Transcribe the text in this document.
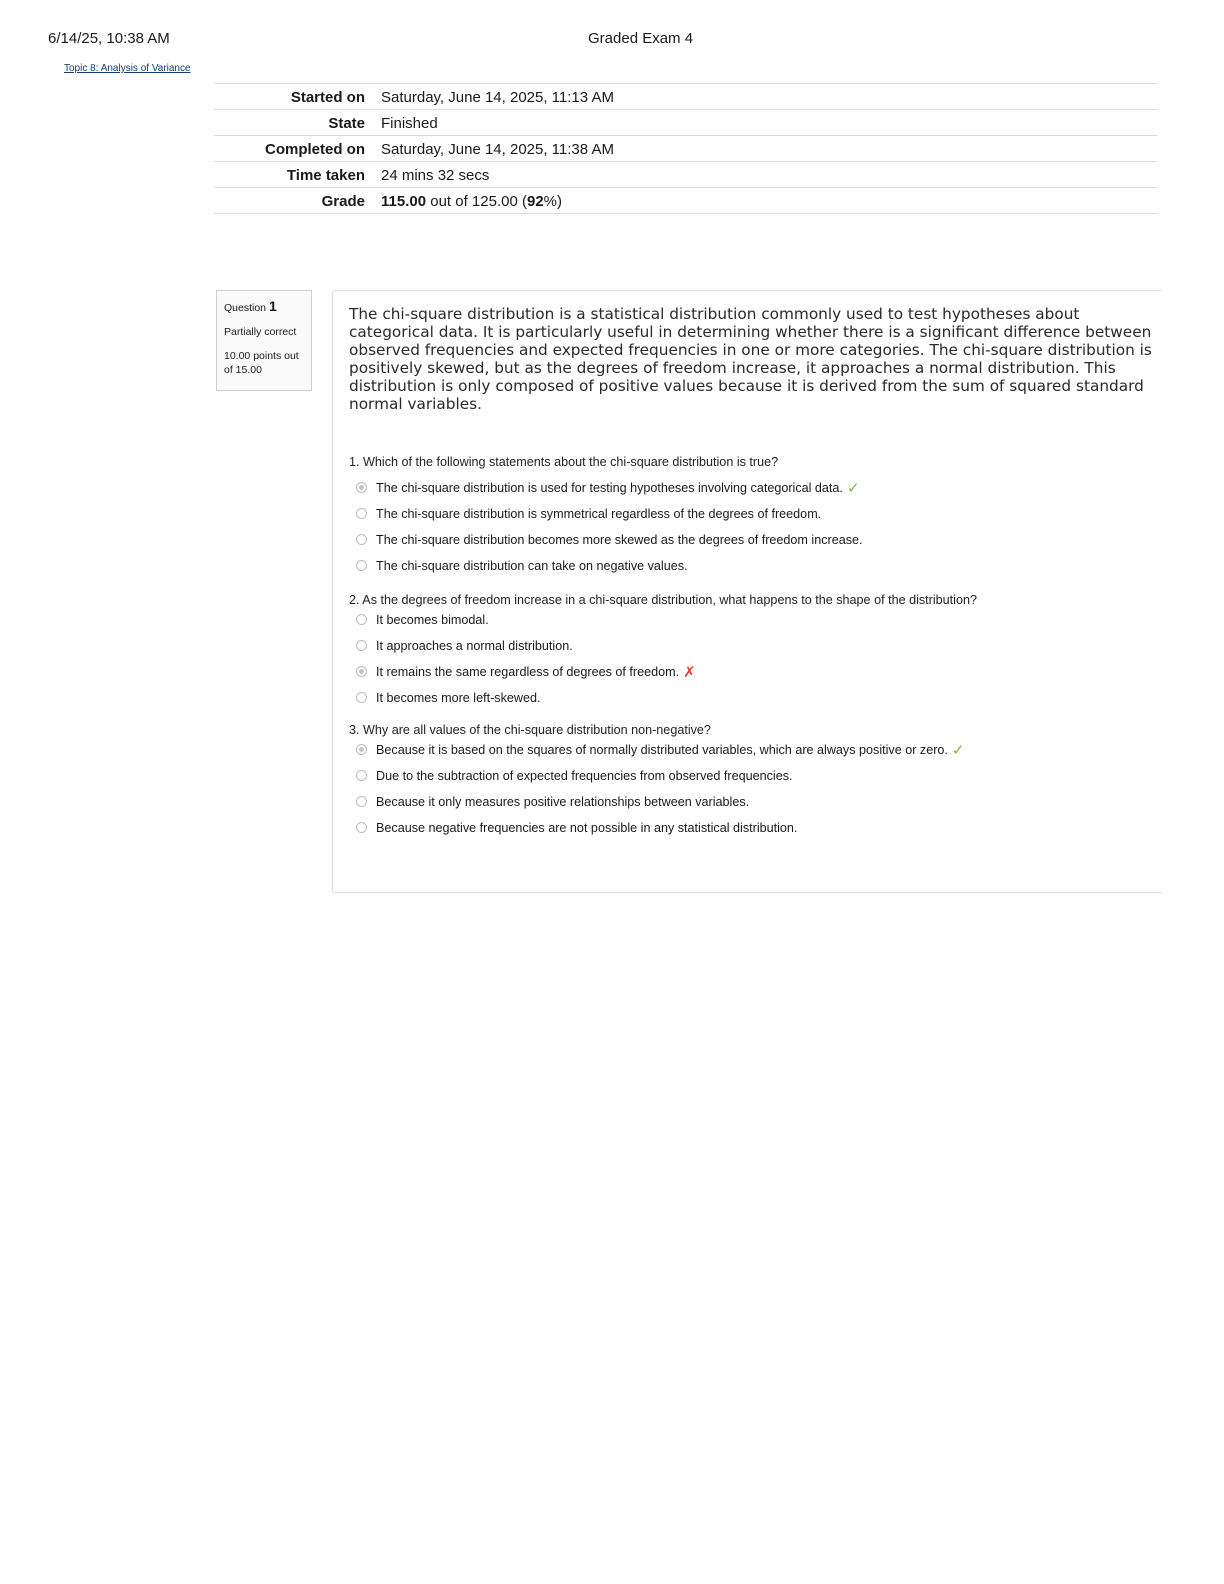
6/14/25, 10:38 AM	Graded Exam 4
Topic 8: Analysis of Variance
Started on	Saturday, June 14, 2025, 11:13 AM
State	Finished
Completed on	Saturday, June 14, 2025, 11:38 AM
Time taken	24 mins 32 secs
Grade	115.00 out of 125.00 (92%)
Question 1
Partially correct
10.00 points out of 15.00

The chi-square distribution is a statistical distribution commonly used to test hypotheses about categorical data. It is particularly useful in determining whether there is a significant difference between observed frequencies and expected frequencies in one or more categories. The chi-square distribution is positively skewed, but as the degrees of freedom increase, it approaches a normal distribution. This distribution is only composed of positive values because it is derived from the sum of squared standard normal variables.

1. Which of the following statements about the chi-square distribution is true?

The chi-square distribution is used for testing hypotheses involving categorical data. ✓
The chi-square distribution is symmetrical regardless of the degrees of freedom.
The chi-square distribution becomes more skewed as the degrees of freedom increase.
The chi-square distribution can take on negative values.

2. As the degrees of freedom increase in a chi-square distribution, what happens to the shape of the distribution?

It becomes bimodal.
It approaches a normal distribution.
It remains the same regardless of degrees of freedom. ✗
It becomes more left-skewed.

3. Why are all values of the chi-square distribution non-negative?

Because it is based on the squares of normally distributed variables, which are always positive or zero. ✓
Due to the subtraction of expected frequencies from observed frequencies.
Because it only measures positive relationships between variables.
Because negative frequencies are not possible in any statistical distribution.
